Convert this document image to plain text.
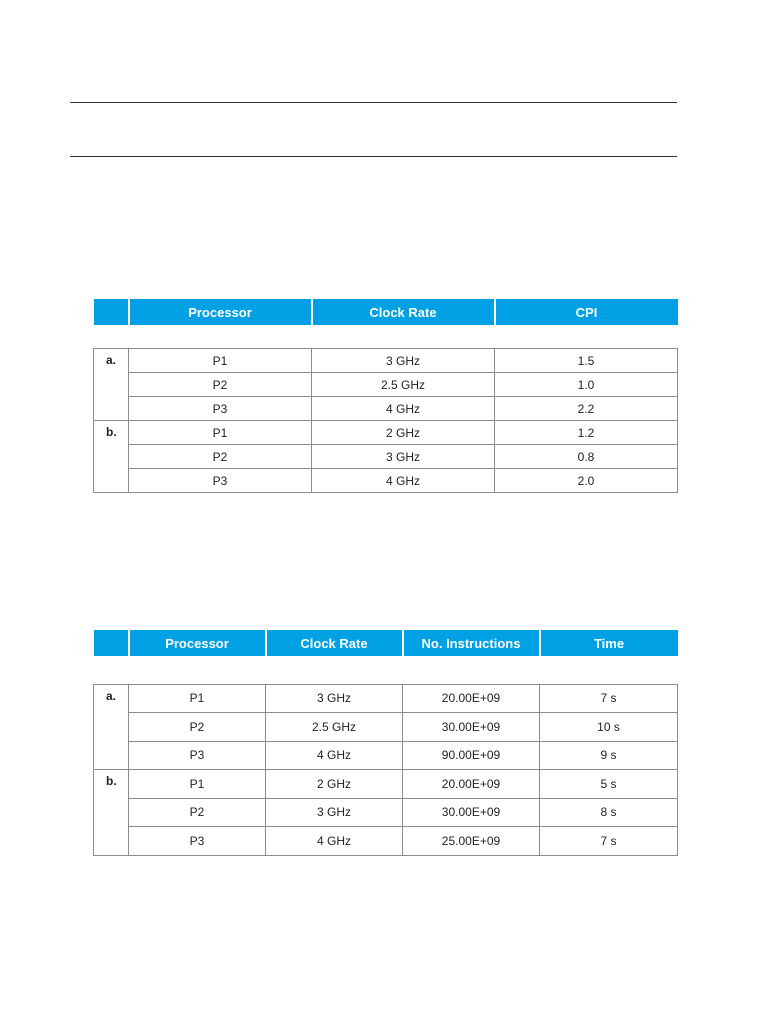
	Processor	Clock Rate	CPI

a.	P1	3 GHz	1.5
	P2	2.5 GHz	1.0
	P3	4 GHz	2.2
b.	P1	2 GHz	1.2
	P2	3 GHz	0.8
	P3	4 GHz	2.0
	Processor	Clock Rate	No. Instructions	Time

a.	P1	3 GHz	20.00E+09	7 s
	P2	2.5 GHz	30.00E+09	10 s
	P3	4 GHz	90.00E+09	9 s
b.	P1	2 GHz	20.00E+09	5 s
	P2	3 GHz	30.00E+09	8 s
	P3	4 GHz	25.00E+09	7 s
